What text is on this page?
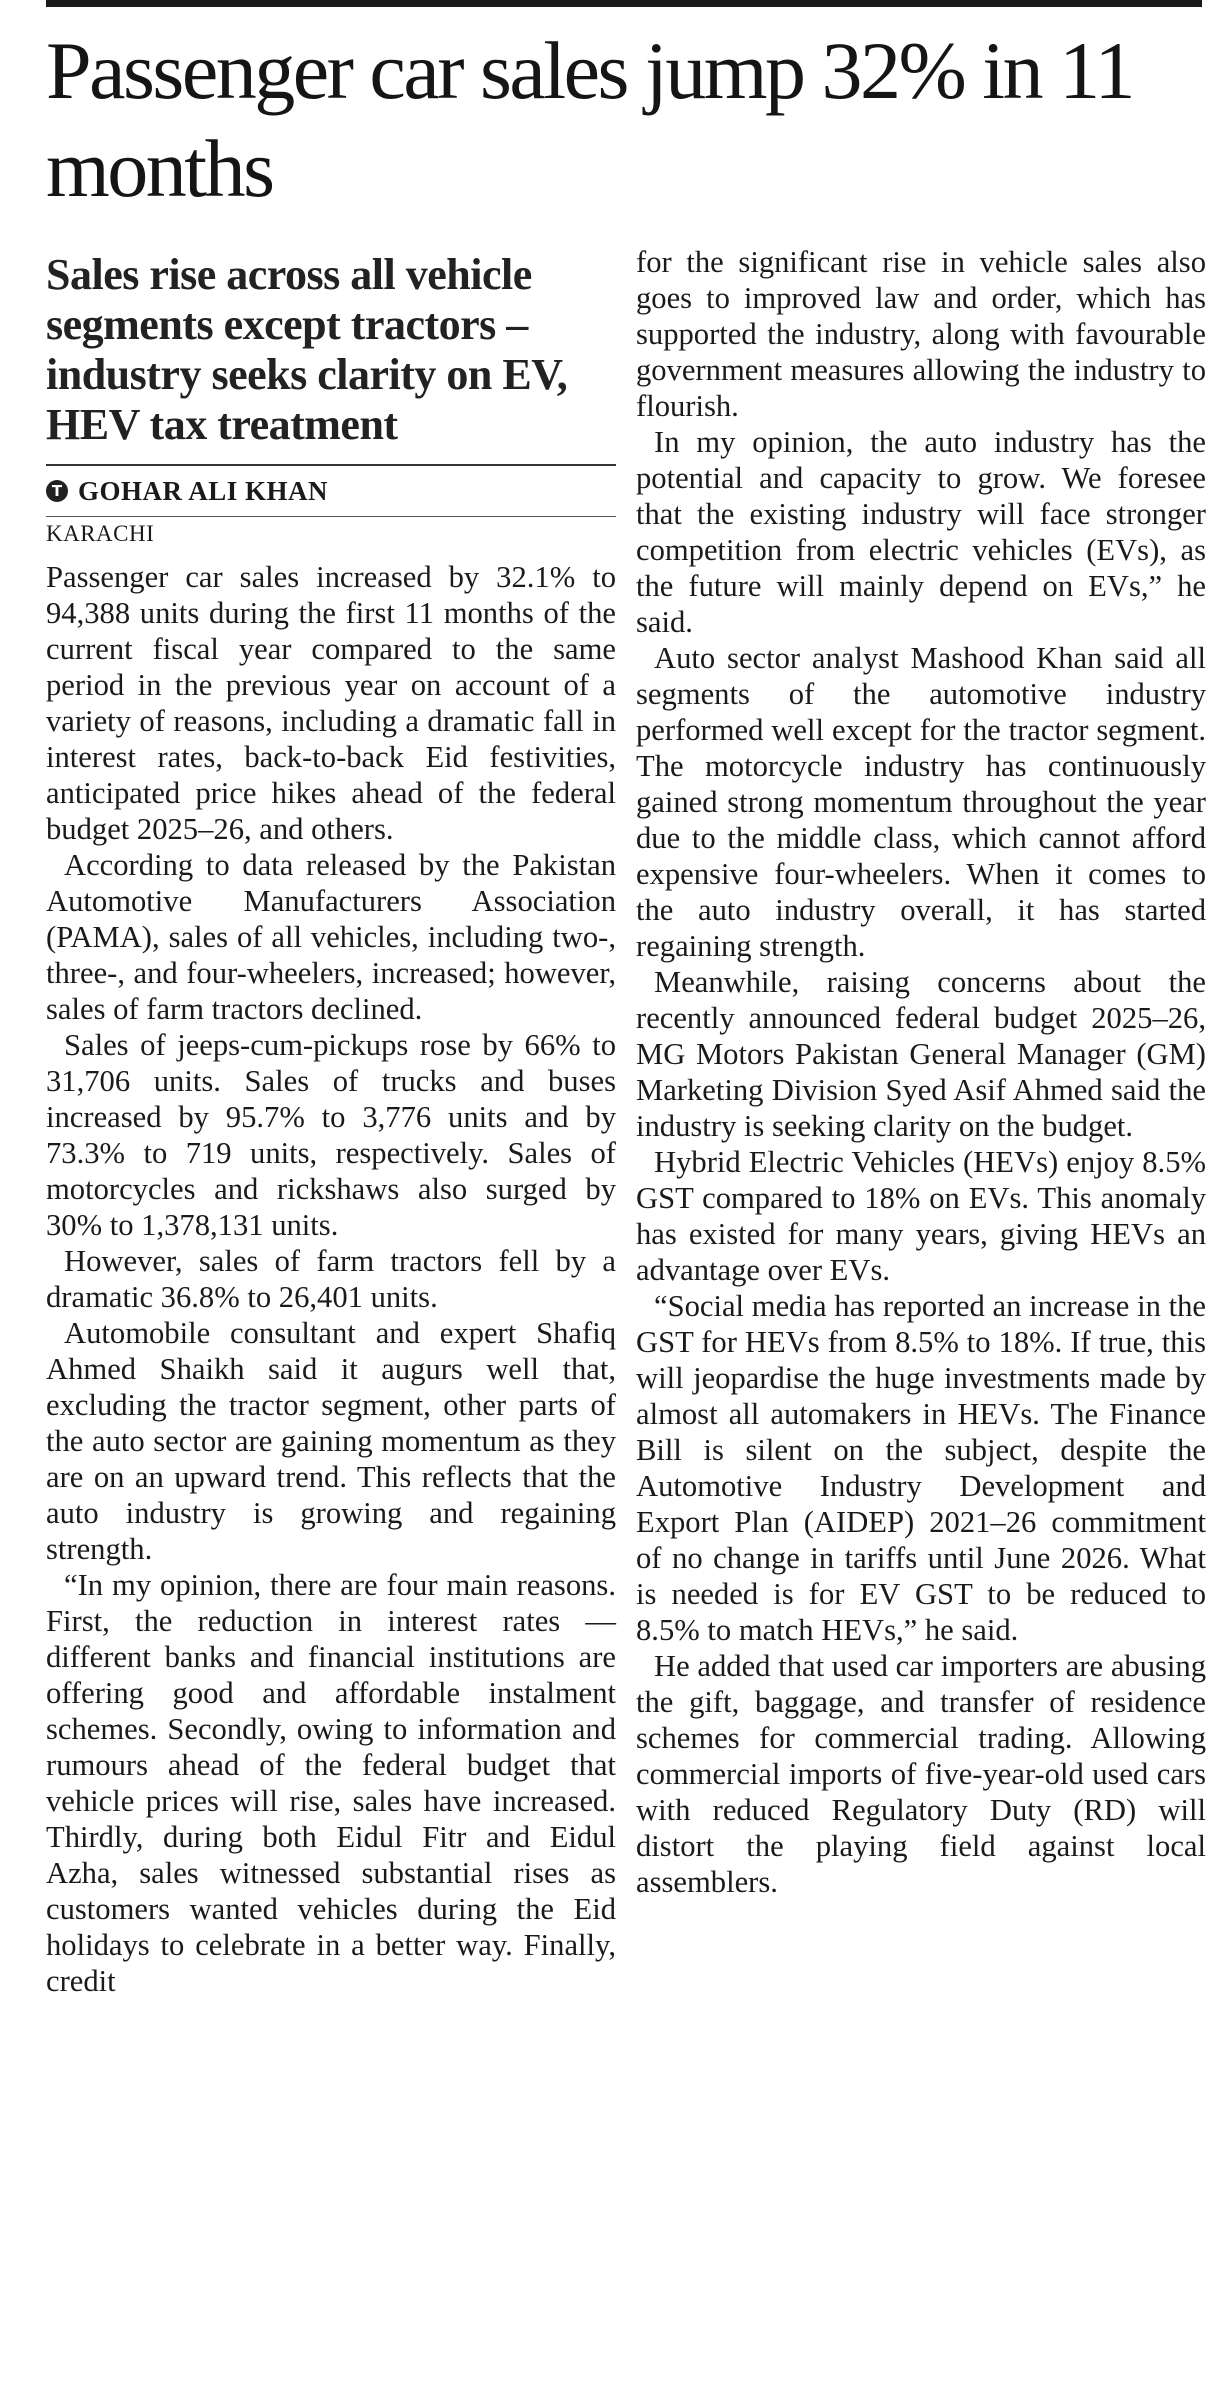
Passenger car sales jump 32% in 11 months
Sales rise across all vehicle segments except tractors – industry seeks clarity on EV, HEV tax treatment
T GOHAR ALI KHAN
KARACHI

Passenger car sales increased by 32.1% to 94,388 units during the first 11 months of the current fiscal year compared to the same period in the previous year on account of a variety of reasons, including a dramatic fall in interest rates, back-to-back Eid festivities, anticipated price hikes ahead of the federal budget 2025–26, and others.

According to data released by the Pakistan Automotive Manufacturers Association (PAMA), sales of all vehicles, including two-, three-, and four-wheelers, increased; however, sales of farm tractors declined.

Sales of jeeps-cum-pickups rose by 66% to 31,706 units. Sales of trucks and buses increased by 95.7% to 3,776 units and by 73.3% to 719 units, respectively. Sales of motorcycles and rickshaws also surged by 30% to 1,378,131 units.

However, sales of farm tractors fell by a dramatic 36.8% to 26,401 units.

Automobile consultant and expert Shafiq Ahmed Shaikh said it augurs well that, excluding the tractor segment, other parts of the auto sector are gaining momentum as they are on an upward trend. This reflects that the auto industry is growing and regaining strength.

“In my opinion, there are four main reasons. First, the reduction in interest rates — different banks and financial institutions are offering good and affordable instalment schemes. Secondly, owing to information and rumours ahead of the federal budget that vehicle prices will rise, sales have increased. Thirdly, during both Eidul Fitr and Eidul Azha, sales witnessed substantial rises as customers wanted vehicles during the Eid holidays to celebrate in a better way. Finally, credit

for the significant rise in vehicle sales also goes to improved law and order, which has supported the industry, along with favourable government measures allowing the industry to flourish.

In my opinion, the auto industry has the potential and capacity to grow. We foresee that the existing industry will face stronger competition from electric vehicles (EVs), as the future will mainly depend on EVs,” he said.

Auto sector analyst Mashood Khan said all segments of the automotive industry performed well except for the tractor segment. The motorcycle industry has continuously gained strong momentum throughout the year due to the middle class, which cannot afford expensive four-wheelers. When it comes to the auto industry overall, it has started regaining strength.

Meanwhile, raising concerns about the recently announced federal budget 2025–26, MG Motors Pakistan General Manager (GM) Marketing Division Syed Asif Ahmed said the industry is seeking clarity on the budget.

Hybrid Electric Vehicles (HEVs) enjoy 8.5% GST compared to 18% on EVs. This anomaly has existed for many years, giving HEVs an advantage over EVs.

“Social media has reported an increase in the GST for HEVs from 8.5% to 18%. If true, this will jeopardise the huge investments made by almost all automakers in HEVs. The Finance Bill is silent on the subject, despite the Automotive Industry Development and Export Plan (AIDEP) 2021–26 commitment of no change in tariffs until June 2026. What is needed is for EV GST to be reduced to 8.5% to match HEVs,” he said.

He added that used car importers are abusing the gift, baggage, and transfer of residence schemes for commercial trading. Allowing commercial imports of five-year-old used cars with reduced Regulatory Duty (RD) will distort the playing field against local assemblers.
